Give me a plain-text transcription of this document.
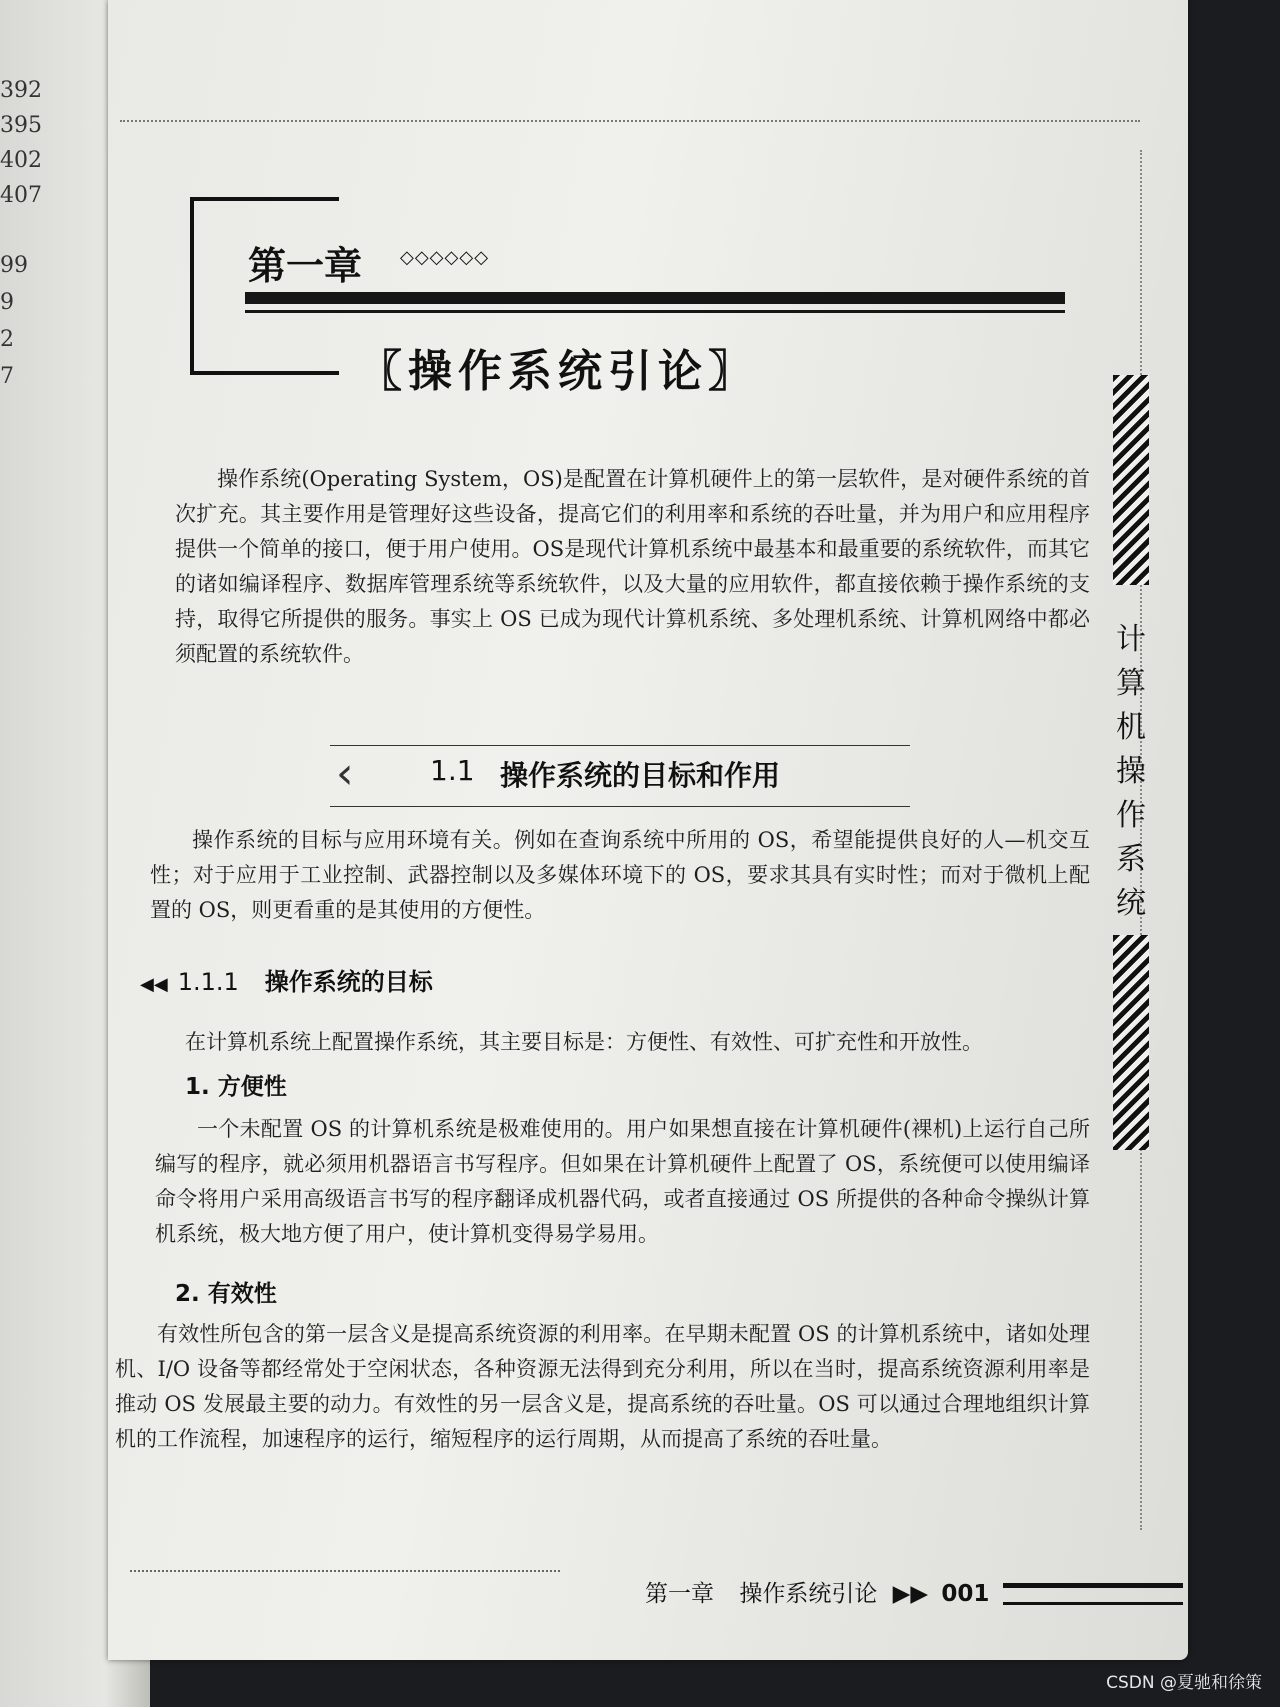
392
395
402
407
99
9
2
7
第一章 ◇◇◇◇◇◇
〖操作系统引论〗

操作系统(Operating System，OS)是配置在计算机硬件上的第一层软件，是对硬件系统的首次扩充。其主要作用是管理好这些设备，提高它们的利用率和系统的吞吐量，并为用户和应用程序提供一个简单的接口，便于用户使用。OS是现代计算机系统中最基本和最重要的系统软件，而其它的诸如编译程序、数据库管理系统等系统软件，以及大量的应用软件，都直接依赖于操作系统的支持，取得它所提供的服务。事实上 OS 已成为现代计算机系统、多处理机系统、计算机网络中都必须配置的系统软件。

‹	1.1 操作系统的目标和作用

操作系统的目标与应用环境有关。例如在查询系统中所用的 OS，希望能提供良好的人—机交互性；对于应用于工业控制、武器控制以及多媒体环境下的 OS，要求其具有实时性；而对于微机上配置的 OS，则更看重的是其使用的方便性。

◀◀ 1.1.1 操作系统的目标

在计算机系统上配置操作系统，其主要目标是：方便性、有效性、可扩充性和开放性。

1. 方便性

一个未配置 OS 的计算机系统是极难使用的。用户如果想直接在计算机硬件(裸机)上运行自己所编写的程序，就必须用机器语言书写程序。但如果在计算机硬件上配置了 OS，系统便可以使用编译命令将用户采用高级语言书写的程序翻译成机器代码，或者直接通过 OS 所提供的各种命令操纵计算机系统，极大地方便了用户，使计算机变得易学易用。

2. 有效性

有效性所包含的第一层含义是提高系统资源的利用率。在早期未配置 OS 的计算机系统中，诸如处理机、I/O 设备等都经常处于空闲状态，各种资源无法得到充分利用，所以在当时，提高系统资源利用率是推动 OS 发展最主要的动力。有效性的另一层含义是，提高系统的吞吐量。OS 可以通过合理地组织计算机的工作流程，加速程序的运行，缩短程序的运行周期，从而提高了系统的吞吐量。

计算机操作系统
第一章 操作系统引论 ▶▶ 001
CSDN @夏驰和徐策
